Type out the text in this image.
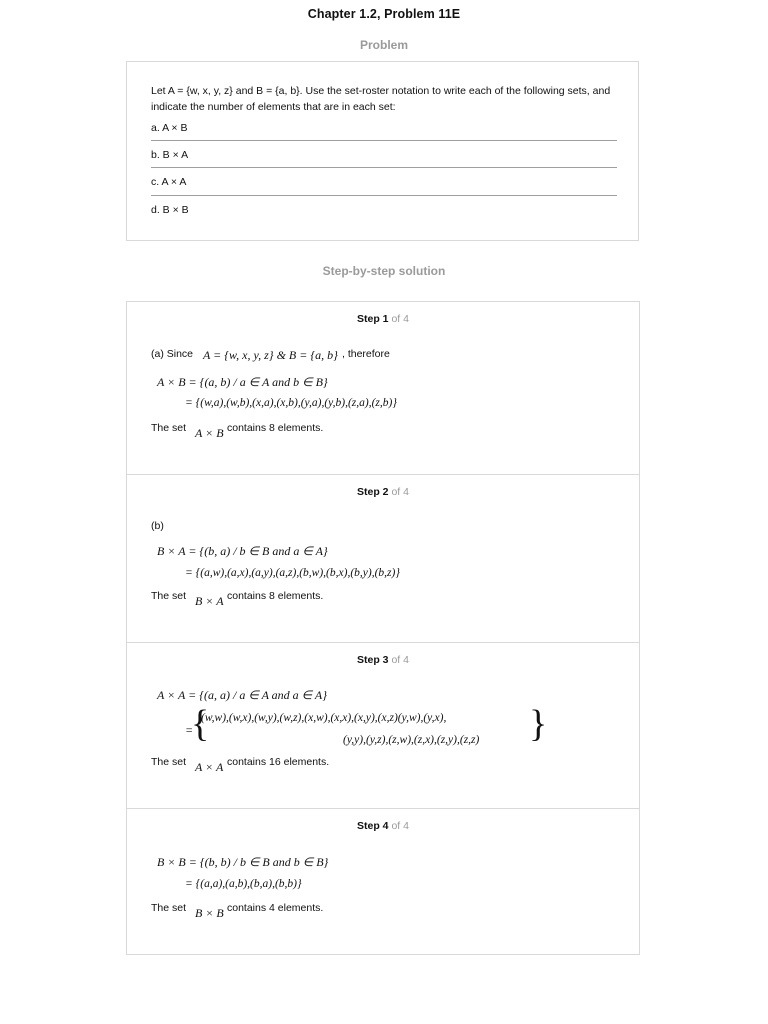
Chapter 1.2, Problem 11E
Problem
Let A = {w, x, y, z} and B = {a, b}. Use the set-roster notation to write each of the following sets, and indicate the number of elements that are in each set:
a. A × B
b. B × A
c. A × A
d. B × B
Step-by-step solution
Step 1 of 4
(a) Since A = {w, x, y, z} & B = {a, b} , therefore
A × B = {(a, b) / a ∈ A and b ∈ B}
= {(w,a),(w,b),(x,a),(x,b),(y,a),(y,b),(z,a),(z,b)}
The set A × B contains 8 elements.
Step 2 of 4
(b)
B × A = {(b, a) / b ∈ B and a ∈ A}
= {(a,w),(a,x),(a,y),(a,z),(b,w),(b,x),(b,y),(b,z)}
The set B × A contains 8 elements.
Step 3 of 4
A × A = {(a, a) / a ∈ A and a ∈ A}
=
{
(w,w),(w,x),(w,y),(w,z),(x,w),(x,x),(x,y),(x,z)(y,w),(y,x),
(y,y),(y,z),(z,w),(z,x),(z,y),(z,z) }
The set A × A contains 16 elements.
Step 4 of 4
B × B = {(b, b) / b ∈ B and b ∈ B}
= {(a,a),(a,b),(b,a),(b,b)}
The set B × B contains 4 elements.
